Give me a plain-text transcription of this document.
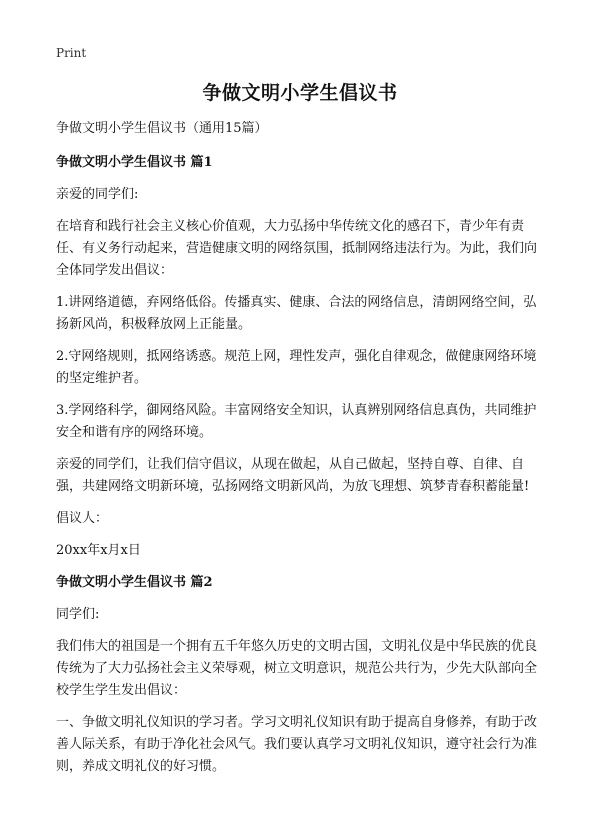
Print
争做文明小学生倡议书

争做文明小学生倡议书（通用15篇）

争做文明小学生倡议书 篇1

亲爱的同学们:

在培育和践行社会主义核心价值观，大力弘扬中华传统文化的感召下，青少年有责任、有义务行动起来，营造健康文明的网络氛围，抵制网络违法行为。为此，我们向全体同学发出倡议：

1.讲网络道德，弃网络低俗。传播真实、健康、合法的网络信息，清朗网络空间，弘扬新风尚，积极释放网上正能量。

2.守网络规则，抵网络诱惑。规范上网，理性发声，强化自律观念，做健康网络环境的坚定维护者。

3.学网络科学，御网络风险。丰富网络安全知识，认真辨别网络信息真伪，共同维护安全和谐有序的网络环境。

亲爱的同学们，让我们信守倡议，从现在做起，从自己做起，坚持自尊、自律、自强，共建网络文明新环境，弘扬网络文明新风尚，为放飞理想、筑梦青春积蓄能量!

倡议人：

20xx年x月x日

争做文明小学生倡议书 篇2

同学们:

我们伟大的祖国是一个拥有五千年悠久历史的文明古国，文明礼仪是中华民族的优良传统为了大力弘扬社会主义荣辱观，树立文明意识，规范公共行为，少先大队部向全校学生学生发出倡议：

一、争做文明礼仪知识的学习者。学习文明礼仪知识有助于提高自身修养，有助于改善人际关系，有助于净化社会风气。我们要认真学习文明礼仪知识，遵守社会行为准则，养成文明礼仪的好习惯。
